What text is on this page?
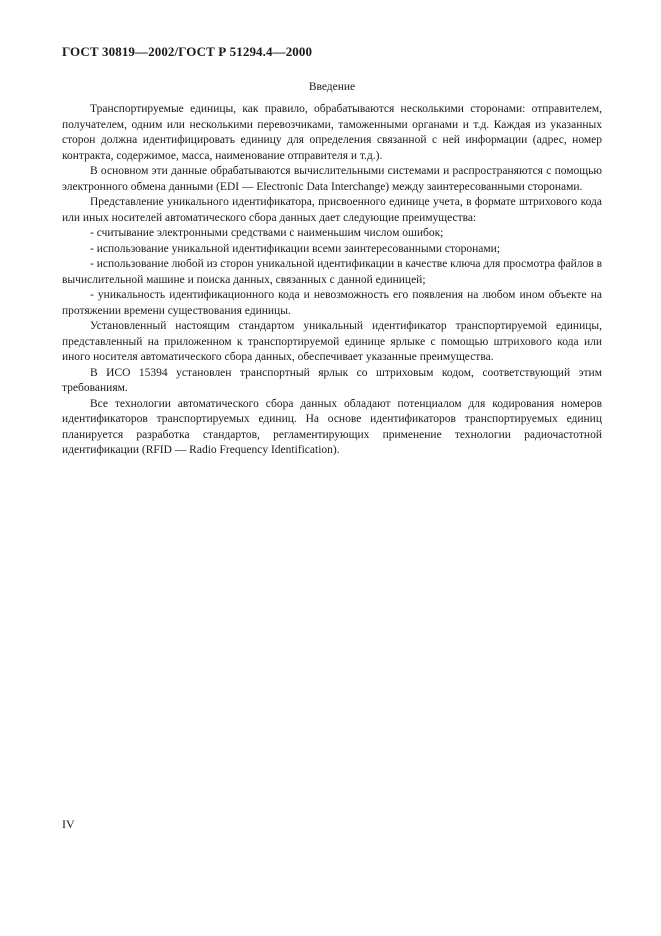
ГОСТ 30819—2002/ГОСТ Р 51294.4—2000
Введение

Транспортируемые единицы, как правило, обрабатываются несколькими сторонами: отправителем, получателем, одним или несколькими перевозчиками, таможенными органами и т.д. Каждая из указанных сторон должна идентифицировать единицу для определения связанной с ней информации (адрес, номер контракта, содержимое, масса, наименование отправителя и т.д.).

В основном эти данные обрабатываются вычислительными системами и распространяются с помощью электронного обмена данными (EDI — Electronic Data Interchange) между заинтересованными сторонами.

Представление уникального идентификатора, присвоенного единице учета, в формате штрихового кода или иных носителей автоматического сбора данных дает следующие преимущества:

- считывание электронными средствами с наименьшим числом ошибок;

- использование уникальной идентификации всеми заинтересованными сторонами;

- использование любой из сторон уникальной идентификации в качестве ключа для просмотра файлов в вычислительной машине и поиска данных, связанных с данной единицей;

- уникальность идентификационного кода и невозможность его появления на любом ином объекте на протяжении времени существования единицы.

Установленный настоящим стандартом уникальный идентификатор транспортируемой единицы, представленный на приложенном к транспортируемой единице ярлыке с помощью штрихового кода или иного носителя автоматического сбора данных, обеспечивает указанные преимущества.

В ИСО 15394 установлен транспортный ярлык со штриховым кодом, соответствующий этим требованиям.

Все технологии автоматического сбора данных обладают потенциалом для кодирования номеров идентификаторов транспортируемых единиц. На основе идентификаторов транспортируемых единиц планируется разработка стандартов, регламентирующих применение технологии радиочастотной идентификации (RFID — Radio Frequency Identification).

IV
